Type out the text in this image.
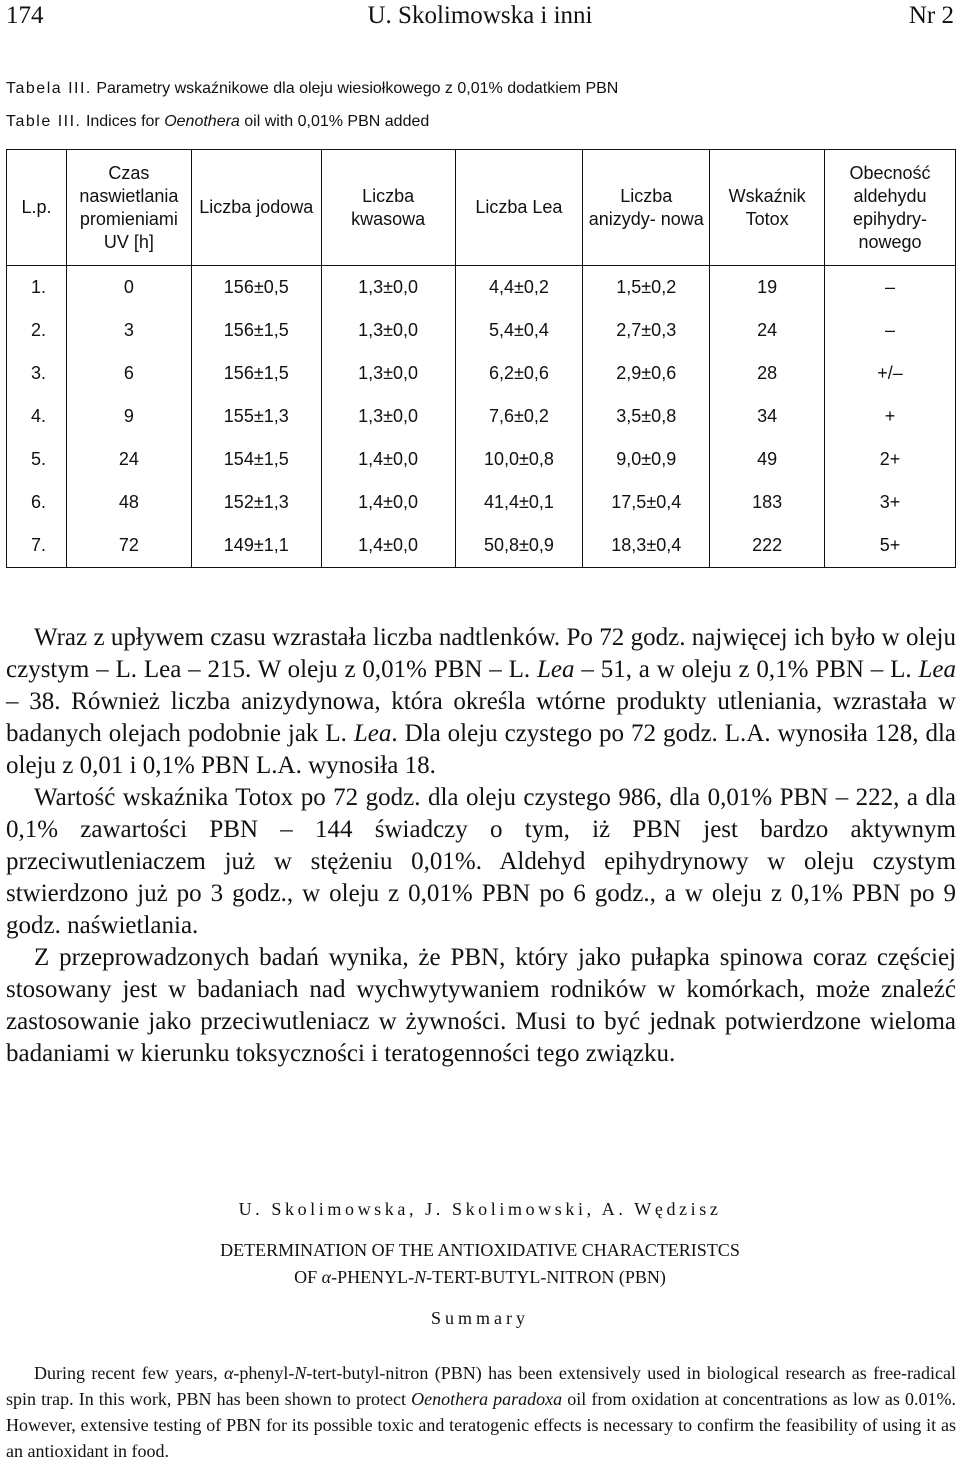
174	U. Skolimowska i inni	Nr 2
Tabela III. Parametry wskaźnikowe dla oleju wiesiołkowego z 0,01% dodatkiem PBN
Table III. Indices for Oenothera oil with 0,01% PBN added
L.p.	Czas naswietlania promieniami UV [h]	Liczba jodowa	Liczba kwasowa	Liczba Lea	Liczba anizydy- nowa	Wskaźnik Totox	Obecność aldehydu epihydry- nowego
1.	0	156±0,5	1,3±0,0	4,4±0,2	1,5±0,2	19	–
2.	3	156±1,5	1,3±0,0	5,4±0,4	2,7±0,3	24	–
3.	6	156±1,5	1,3±0,0	6,2±0,6	2,9±0,6	28	+/–
4.	9	155±1,3	1,3±0,0	7,6±0,2	3,5±0,8	34	+
5.	24	154±1,5	1,4±0,0	10,0±0,8	9,0±0,9	49	2+
6.	48	152±1,3	1,4±0,0	41,4±0,1	17,5±0,4	183	3+
7.	72	149±1,1	1,4±0,0	50,8±0,9	18,3±0,4	222	5+

Wraz z upływem czasu wzrastała liczba nadtlenków. Po 72 godz. najwięcej ich było w oleju czystym – L. Lea – 215. W oleju z 0,01% PBN – L. Lea – 51, a w oleju z 0,1% PBN – L. Lea – 38. Również liczba anizydynowa, która określa wtórne produkty utleniania, wzrastała w badanych olejach podobnie jak L. Lea. Dla oleju czystego po 72 godz. L.A. wynosiła 128, dla oleju z 0,01 i 0,1% PBN L.A. wynosiła 18.

Wartość wskaźnika Totox po 72 godz. dla oleju czystego 986, dla 0,01% PBN – 222, a dla 0,1% zawartości PBN – 144 świadczy o tym, iż PBN jest bardzo aktywnym przeciwutleniaczem już w stężeniu 0,01%. Aldehyd epihydrynowy w oleju czystym stwierdzono już po 3 godz., w oleju z 0,01% PBN po 6 godz., a w oleju z 0,1% PBN po 9 godz. naświetlania.

Z przeprowadzonych badań wynika, że PBN, który jako pułapka spinowa coraz częściej stosowany jest w badaniach nad wychwytywaniem rodników w komórkach, może znaleźć zastosowanie jako przeciwutleniacz w żywności. Musi to być jednak potwierdzone wieloma badaniami w kierunku toksyczności i teratogenności tego związku.

U. Skolimowska, J. Skolimowski, A. Wędzisz
DETERMINATION OF THE ANTIOXIDATIVE CHARACTERISTCS
OF α-PHENYL-N-TERT-BUTYL-NITRON (PBN)
Summary

During recent few years, α-phenyl-N-tert-butyl-nitron (PBN) has been extensively used in biological research as free-radical spin trap. In this work, PBN has been shown to protect Oenothera paradoxa oil from oxidation at concentrations as low as 0.01%. However, extensive testing of PBN for its possible toxic and teratogenic effects is necessary to confirm the feasibility of using it as an antioxidant in food.
